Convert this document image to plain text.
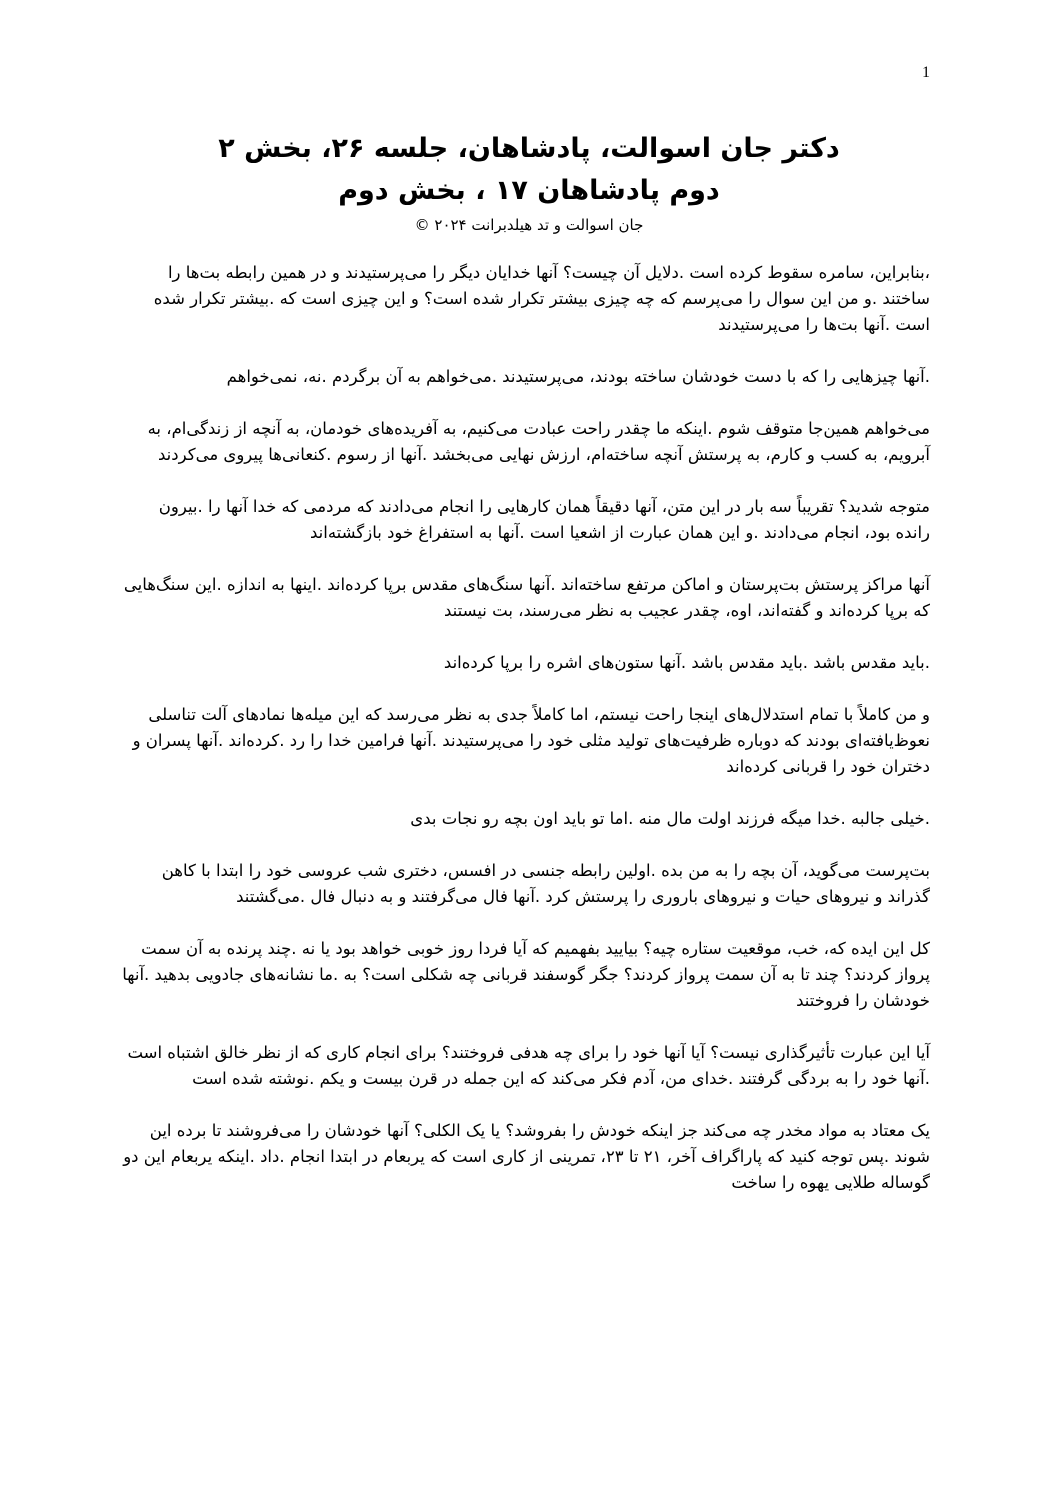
1
دکتر جان اسوالت، پادشاهان، جلسه ۲۶، بخش ۲
دوم پادشاهان ۱۷ ، بخش دوم
جان اسوالت و تد هیلدبرانت ۲۰۲۴ ©

،بنابراین، سامره سقوط کرده است .دلایل آن چیست؟ آنها خدایان دیگر را می‌پرستیدند و در همین رابطه بت‌ها را ساختند .و من این سوال را می‌پرسم که چه چیزی بیشتر تکرار شده است؟ و این چیزی است که .بیشتر تکرار شده است .آنها بت‌ها را می‌پرستیدند

.آنها چیزهایی را که با دست خودشان ساخته بودند، می‌پرستیدند .می‌خواهم به آن برگردم .نه، نمی‌خواهم

می‌خواهم همین‌جا متوقف شوم .اینکه ما چقدر راحت عبادت می‌کنیم، به آفریده‌های خودمان، به آنچه از زندگی‌ام، به آبرویم، به کسب و کارم، به پرستش آنچه ساخته‌ام، ارزش نهایی می‌بخشد .آنها از رسوم .کنعانی‌ها پیروی می‌کردند

متوجه شدید؟ تقریباً سه بار در این متن، آنها دقیقاً همان کارهایی را انجام می‌دادند که مردمی که خدا آنها را .بیرون رانده بود، انجام می‌دادند .و این همان عبارت از اشعیا است .آنها به استفراغ خود بازگشته‌اند

آنها مراکز پرستش بت‌پرستان و اماکن مرتفع ساخته‌اند .آنها سنگ‌های مقدس برپا کرده‌اند .اینها به اندازه .این سنگ‌هایی که برپا کرده‌اند و گفته‌اند، اوه، چقدر عجیب به نظر می‌رسند، بت نیستند

.باید مقدس باشد .باید مقدس باشد .آنها ستون‌های اشره را برپا کرده‌اند

و من کاملاً با تمام استدلال‌های اینجا راحت نیستم، اما کاملاً جدی به نظر می‌رسد که این میله‌ها نمادهای آلت تناسلی نعوظ‌یافته‌ای بودند که دوباره ظرفیت‌های تولید مثلی خود را می‌پرستیدند .آنها فرامین خدا را رد .کرده‌اند .آنها پسران و دختران خود را قربانی کرده‌اند

.خیلی جالبه .خدا میگه فرزند اولت مال منه .اما تو باید اون بچه رو نجات بدی

بت‌پرست می‌گوید، آن بچه را به من بده .اولین رابطه جنسی در افسس، دختری شب عروسی خود را ابتدا با کاهن گذراند و نیروهای حیات و نیروهای باروری را پرستش کرد .آنها فال می‌گرفتند و به دنبال فال .می‌گشتند

کل این ایده که، خب، موقعیت ستاره چیه؟ بیایید بفهمیم که آیا فردا روز خوبی خواهد بود یا نه .چند پرنده به آن سمت پرواز کردند؟ چند تا به آن سمت پرواز کردند؟ جگر گوسفند قربانی چه شکلی است؟ به .ما نشانه‌های جادویی بدهید .آنها خودشان را فروختند

آیا این عبارت تأثیرگذاری نیست؟ آیا آنها خود را برای چه هدفی فروختند؟ برای انجام کاری که از نظر خالق اشتباه است .آنها خود را به بردگی گرفتند .خدای من، آدم فکر می‌کند که این جمله در قرن بیست و یکم .نوشته شده است

یک معتاد به مواد مخدر چه می‌کند جز اینکه خودش را بفروشد؟ یا یک الکلی؟ آنها خودشان را می‌فروشند تا برده این شوند .پس توجه کنید که پاراگراف آخر، ۲۱ تا ۲۳، تمرینی از کاری است که یربعام در ابتدا انجام .داد .اینکه یربعام این دو گوساله طلایی یهوه را ساخت
